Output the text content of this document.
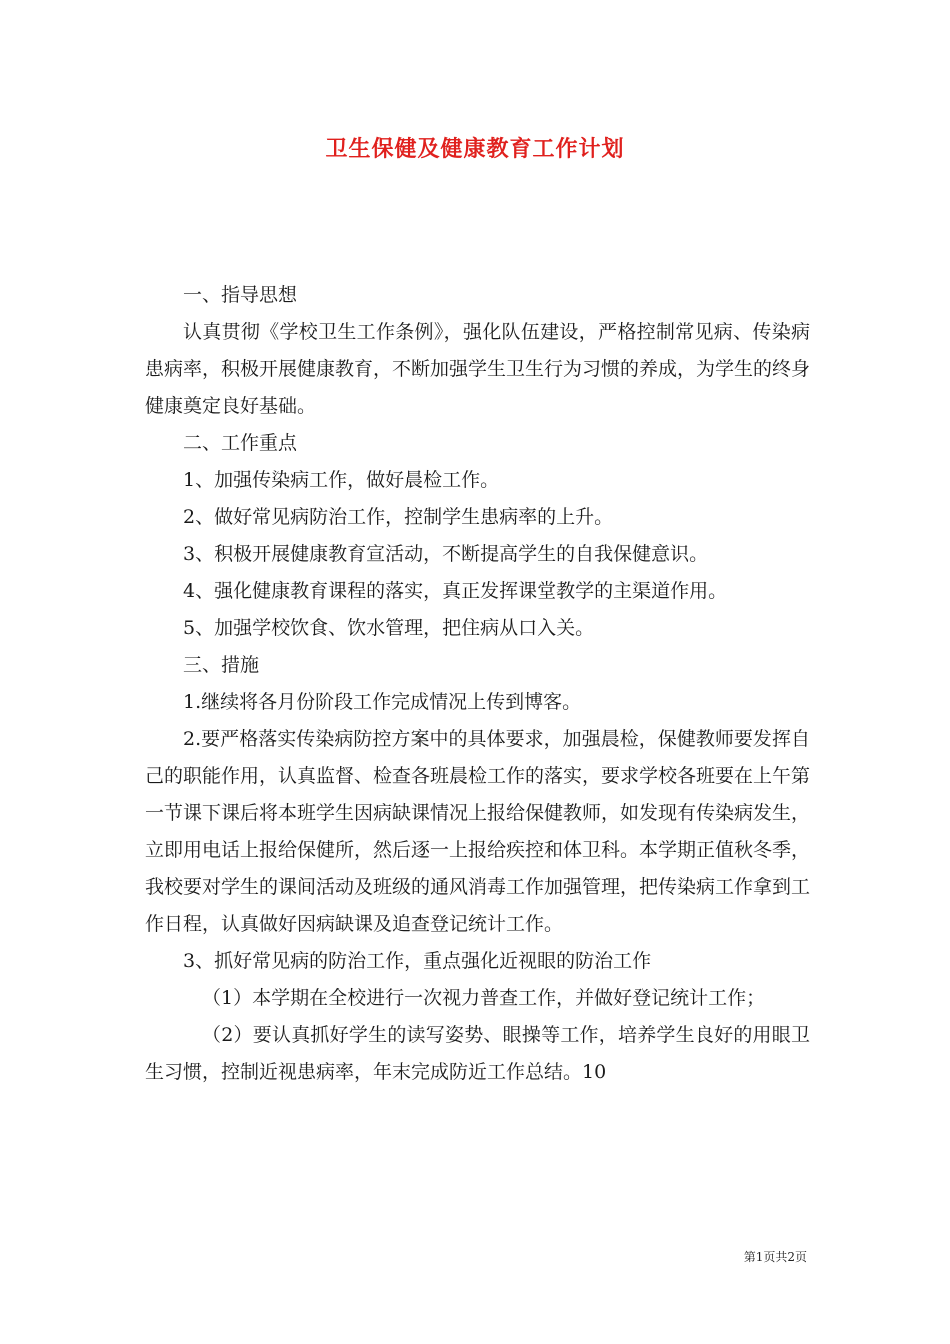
卫生保健及健康教育工作计划

一、指导思想

认真贯彻《学校卫生工作条例》，强化队伍建设，严格控制常见病、传染病患病率，积极开展健康教育，不断加强学生卫生行为习惯的养成，为学生的终身健康奠定良好基础。

二、工作重点

1、加强传染病工作，做好晨检工作。

2、做好常见病防治工作，控制学生患病率的上升。

3、积极开展健康教育宣活动，不断提高学生的自我保健意识。

4、强化健康教育课程的落实，真正发挥课堂教学的主渠道作用。

5、加强学校饮食、饮水管理，把住病从口入关。

三、措施

1.继续将各月份阶段工作完成情况上传到博客。

2.要严格落实传染病防控方案中的具体要求，加强晨检，保健教师要发挥自己的职能作用，认真监督、检查各班晨检工作的落实，要求学校各班要在上午第一节课下课后将本班学生因病缺课情况上报给保健教师，如发现有传染病发生，立即用电话上报给保健所，然后逐一上报给疾控和体卫科。本学期正值秋冬季，我校要对学生的课间活动及班级的通风消毒工作加强管理，把传染病工作拿到工作日程，认真做好因病缺课及追查登记统计工作。

3、抓好常见病的防治工作，重点强化近视眼的防治工作

（1）本学期在全校进行一次视力普查工作，并做好登记统计工作；

（2）要认真抓好学生的读写姿势、眼操等工作，培养学生良好的用眼卫生习惯，控制近视患病率，年末完成防近工作总结。10

第1页共2页
